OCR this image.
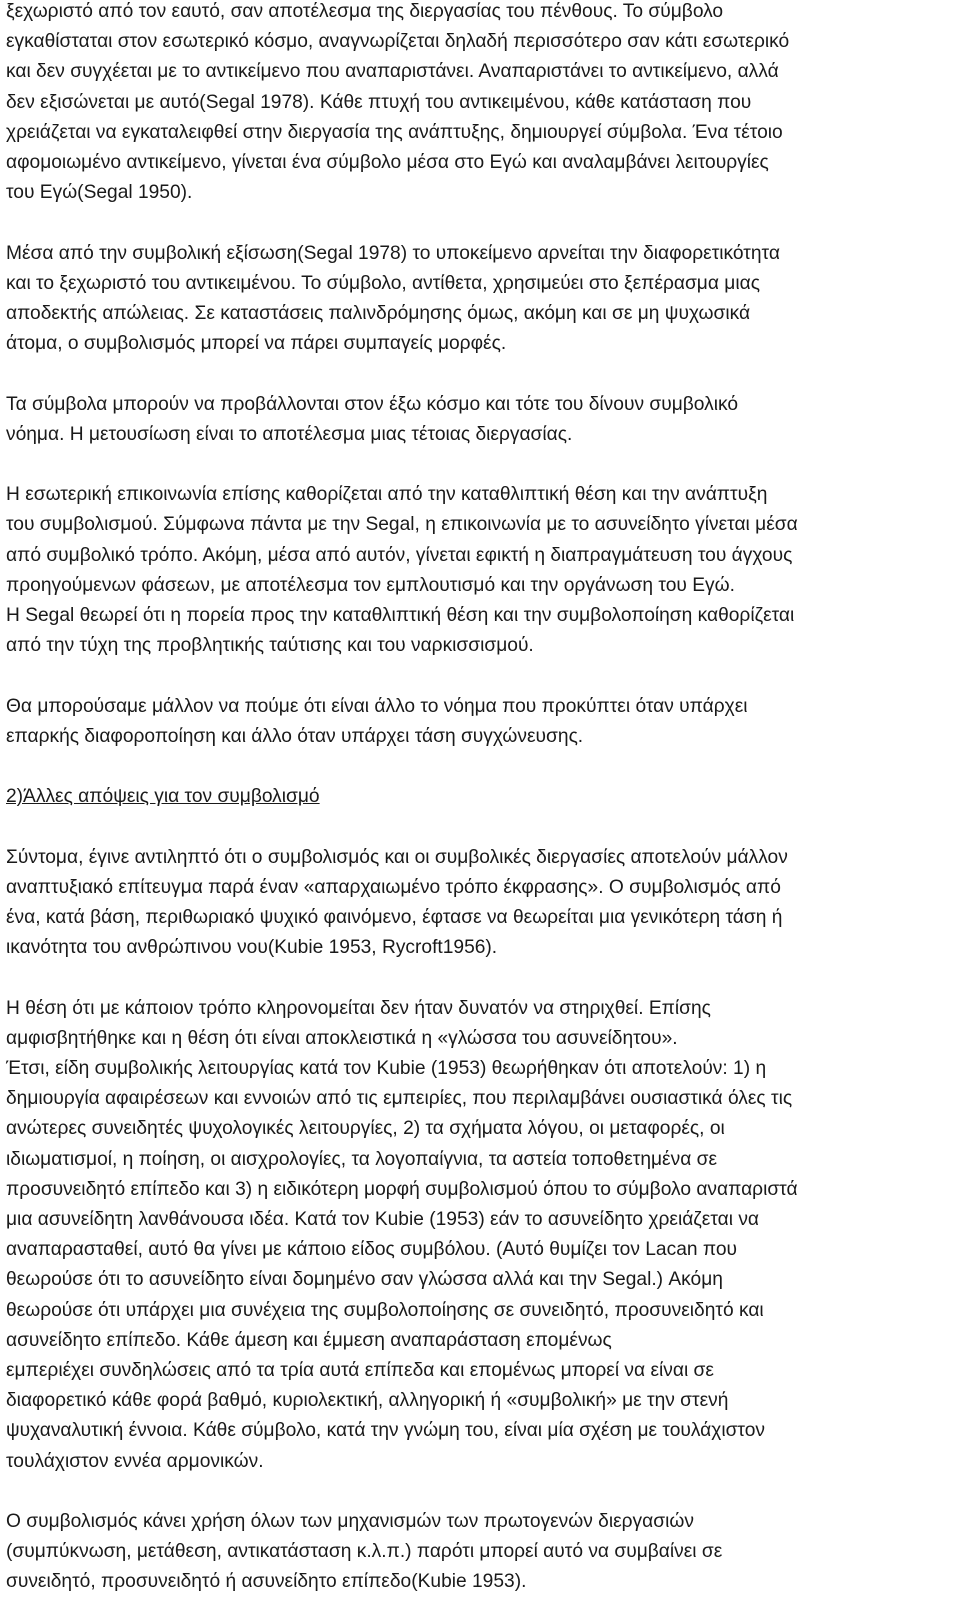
ξεχωριστό από τον εαυτό, σαν αποτέλεσμα της διεργασίας του πένθους. Το σύμβολο
εγκαθίσταται στον εσωτερικό κόσμο, αναγνωρίζεται δηλαδή περισσότερο σαν κάτι εσωτερικό
και δεν συγχέεται με το αντικείμενο που αναπαριστάνει. Αναπαριστάνει το αντικείμενο, αλλά
δεν εξισώνεται με αυτό(Segal 1978). Κάθε πτυχή του αντικειμένου, κάθε κατάσταση που
χρειάζεται να εγκαταλειφθεί στην διεργασία της ανάπτυξης, δημιουργεί σύμβολα. Ένα τέτοιο
αφομοιωμένο αντικείμενο, γίνεται ένα σύμβολο μέσα στο Εγώ και αναλαμβάνει λειτουργίες
του Εγώ(Segal 1950).

Μέσα από την συμβολική εξίσωση(Segal 1978) το υποκείμενο αρνείται την διαφορετικότητα
και το ξεχωριστό του αντικειμένου. Το σύμβολο, αντίθετα, χρησιμεύει στο ξεπέρασμα μιας
αποδεκτής απώλειας. Σε καταστάσεις παλινδρόμησης όμως, ακόμη και σε μη ψυχωσικά
άτομα, ο συμβολισμός μπορεί να πάρει συμπαγείς μορφές.

Τα σύμβολα μπορούν να προβάλλονται στον έξω κόσμο και τότε του δίνουν συμβολικό
νόημα. Η μετουσίωση είναι το αποτέλεσμα μιας τέτοιας διεργασίας.

Η εσωτερική επικοινωνία επίσης καθορίζεται από την καταθλιπτική θέση και την ανάπτυξη
του συμβολισμού. Σύμφωνα πάντα με την Segal, η επικοινωνία με το ασυνείδητο γίνεται μέσα
από συμβολικό τρόπο. Ακόμη, μέσα από αυτόν, γίνεται εφικτή η διαπραγμάτευση του άγχους
προηγούμενων φάσεων, με αποτέλεσμα τον εμπλουτισμό και την οργάνωση του Εγώ.
Η Segal θεωρεί ότι η πορεία προς την καταθλιπτική θέση και την συμβολοποίηση καθορίζεται
από την τύχη της προβλητικής ταύτισης και του ναρκισσισμού.

Θα μπορούσαμε μάλλον να πούμε ότι είναι άλλο το νόημα που προκύπτει όταν υπάρχει
επαρκής διαφοροποίηση και άλλο όταν υπάρχει τάση συγχώνευσης.

2)Άλλες απόψεις για τον συμβολισμό

Σύντομα, έγινε αντιληπτό ότι ο συμβολισμός και οι συμβολικές διεργασίες αποτελούν μάλλον
αναπτυξιακό επίτευγμα παρά έναν «απαρχαιωμένο τρόπο έκφρασης». Ο συμβολισμός από
ένα, κατά βάση, περιθωριακό ψυχικό φαινόμενο, έφτασε να θεωρείται μια γενικότερη τάση ή
ικανότητα του ανθρώπινου νου(Kubie 1953, Rycroft1956).

Η θέση ότι με κάποιον τρόπο κληρονομείται δεν ήταν δυνατόν να στηριχθεί. Επίσης
αμφισβητήθηκε και η θέση ότι είναι αποκλειστικά η «γλώσσα του ασυνείδητου».
Έτσι, είδη συμβολικής λειτουργίας κατά τον Kubie (1953) θεωρήθηκαν ότι αποτελούν: 1) η
δημιουργία αφαιρέσεων και εννοιών από τις εμπειρίες, που περιλαμβάνει ουσιαστικά όλες τις
ανώτερες συνειδητές ψυχολογικές λειτουργίες, 2) τα σχήματα λόγου, οι μεταφορές, οι
ιδιωματισμοί, η ποίηση, οι αισχρολογίες, τα λογοπαίγνια, τα αστεία τοποθετημένα σε
προσυνειδητό επίπεδο και 3) η ειδικότερη μορφή συμβολισμού όπου το σύμβολο αναπαριστά
μια ασυνείδητη λανθάνουσα ιδέα. Κατά τον Kubie (1953) εάν το ασυνείδητο χρειάζεται να
αναπαρασταθεί, αυτό θα γίνει με κάποιο είδος συμβόλου. (Αυτό θυμίζει τον Lacan που
θεωρούσε ότι το ασυνείδητο είναι δομημένο σαν γλώσσα αλλά και την Segal.) Ακόμη
θεωρούσε ότι υπάρχει μια συνέχεια της συμβολοποίησης σε συνειδητό, προσυνειδητό και
ασυνείδητο επίπεδο. Κάθε άμεση και έμμεση αναπαράσταση επομένως
εμπεριέχει συνδηλώσεις από τα τρία αυτά επίπεδα και επομένως μπορεί να είναι σε
διαφορετικό κάθε φορά βαθμό, κυριολεκτική, αλληγορική ή «συμβολική» με την στενή
ψυχαναλυτική έννοια. Κάθε σύμβολο, κατά την γνώμη του, είναι μία σχέση με τουλάχιστον
τουλάχιστον εννέα αρμονικών.

Ο συμβολισμός κάνει χρήση όλων των μηχανισμών των πρωτογενών διεργασιών
(συμπύκνωση, μετάθεση, αντικατάσταση κ.λ.π.) παρότι μπορεί αυτό να συμβαίνει σε
συνειδητό, προσυνειδητό ή ασυνείδητο επίπεδο(Kubie 1953).
